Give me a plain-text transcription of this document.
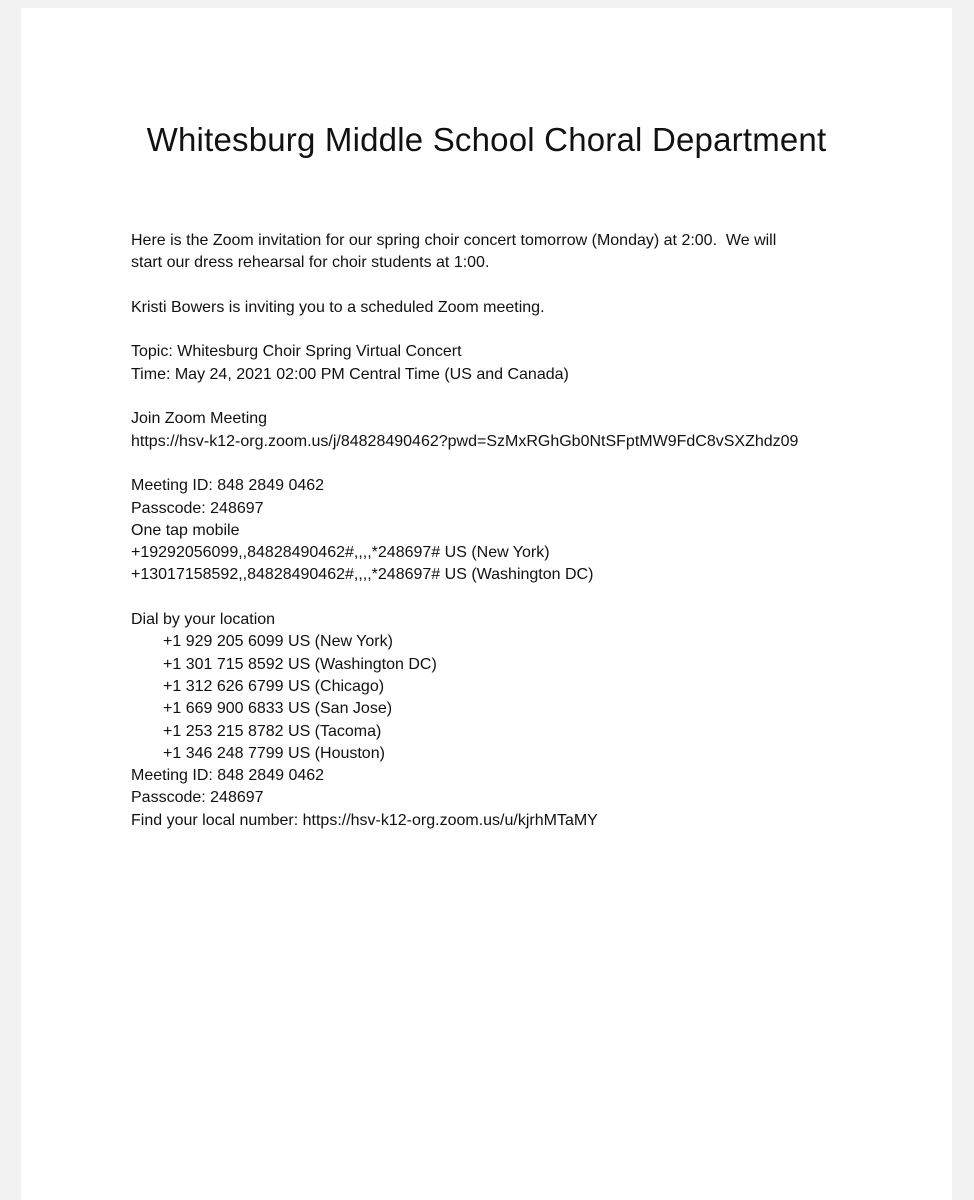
Whitesburg Middle School Choral Department
Here is the Zoom invitation for our spring choir concert tomorrow (Monday) at 2:00.  We will
start our dress rehearsal for choir students at 1:00.
Kristi Bowers is inviting you to a scheduled Zoom meeting.
Topic: Whitesburg Choir Spring Virtual Concert
Time: May 24, 2021 02:00 PM Central Time (US and Canada)
Join Zoom Meeting
https://hsv-k12-org.zoom.us/j/84828490462?pwd=SzMxRGhGb0NtSFptMW9FdC8vSXZhdz09
Meeting ID: 848 2849 0462
Passcode: 248697
One tap mobile
+19292056099,,84828490462#,,,,*248697# US (New York)
+13017158592,,84828490462#,,,,*248697# US (Washington DC)
Dial by your location
+1 929 205 6099 US (New York)
+1 301 715 8592 US (Washington DC)
+1 312 626 6799 US (Chicago)
+1 669 900 6833 US (San Jose)
+1 253 215 8782 US (Tacoma)
+1 346 248 7799 US (Houston)
Meeting ID: 848 2849 0462
Passcode: 248697
Find your local number: https://hsv-k12-org.zoom.us/u/kjrhMTaMY
